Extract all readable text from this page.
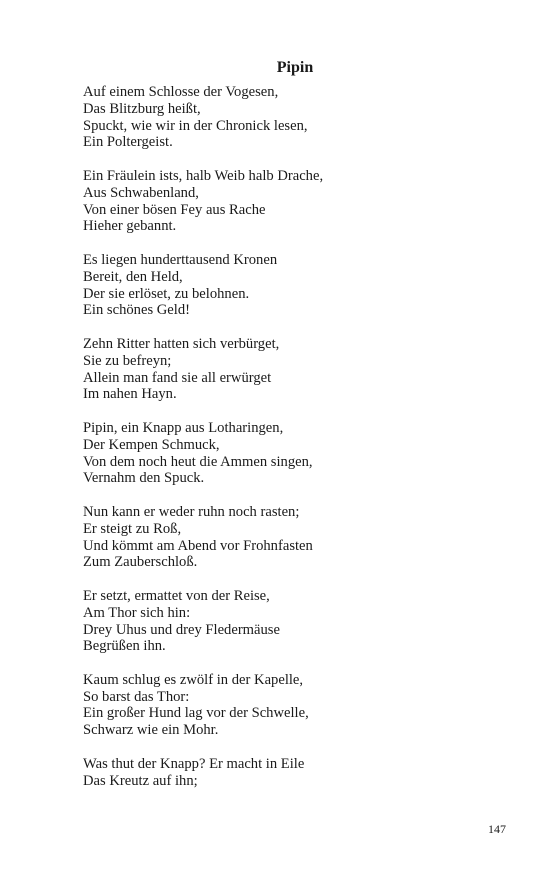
Pipin
Auf einem Schlosse der Vogesen,
Das Blitzburg heißt,
Spuckt, wie wir in der Chronick lesen,
Ein Poltergeist.
Ein Fräulein ists, halb Weib halb Drache,
Aus Schwabenland,
Von einer bösen Fey aus Rache
Hieher gebannt.
Es liegen hunderttausend Kronen
Bereit, den Held,
Der sie erlöset, zu belohnen.
Ein schönes Geld!
Zehn Ritter hatten sich verbürget,
Sie zu befreyn;
Allein man fand sie all erwürget
Im nahen Hayn.
Pipin, ein Knapp aus Lotharingen,
Der Kempen Schmuck,
Von dem noch heut die Ammen singen,
Vernahm den Spuck.
Nun kann er weder ruhn noch rasten;
Er steigt zu Roß,
Und kömmt am Abend vor Frohnfasten
Zum Zauberschloß.
Er setzt, ermattet von der Reise,
Am Thor sich hin:
Drey Uhus und drey Fledermäuse
Begrüßen ihn.
Kaum schlug es zwölf in der Kapelle,
So barst das Thor:
Ein großer Hund lag vor der Schwelle,
Schwarz wie ein Mohr.
Was thut der Knapp? Er macht in Eile
Das Kreutz auf ihn;

147
